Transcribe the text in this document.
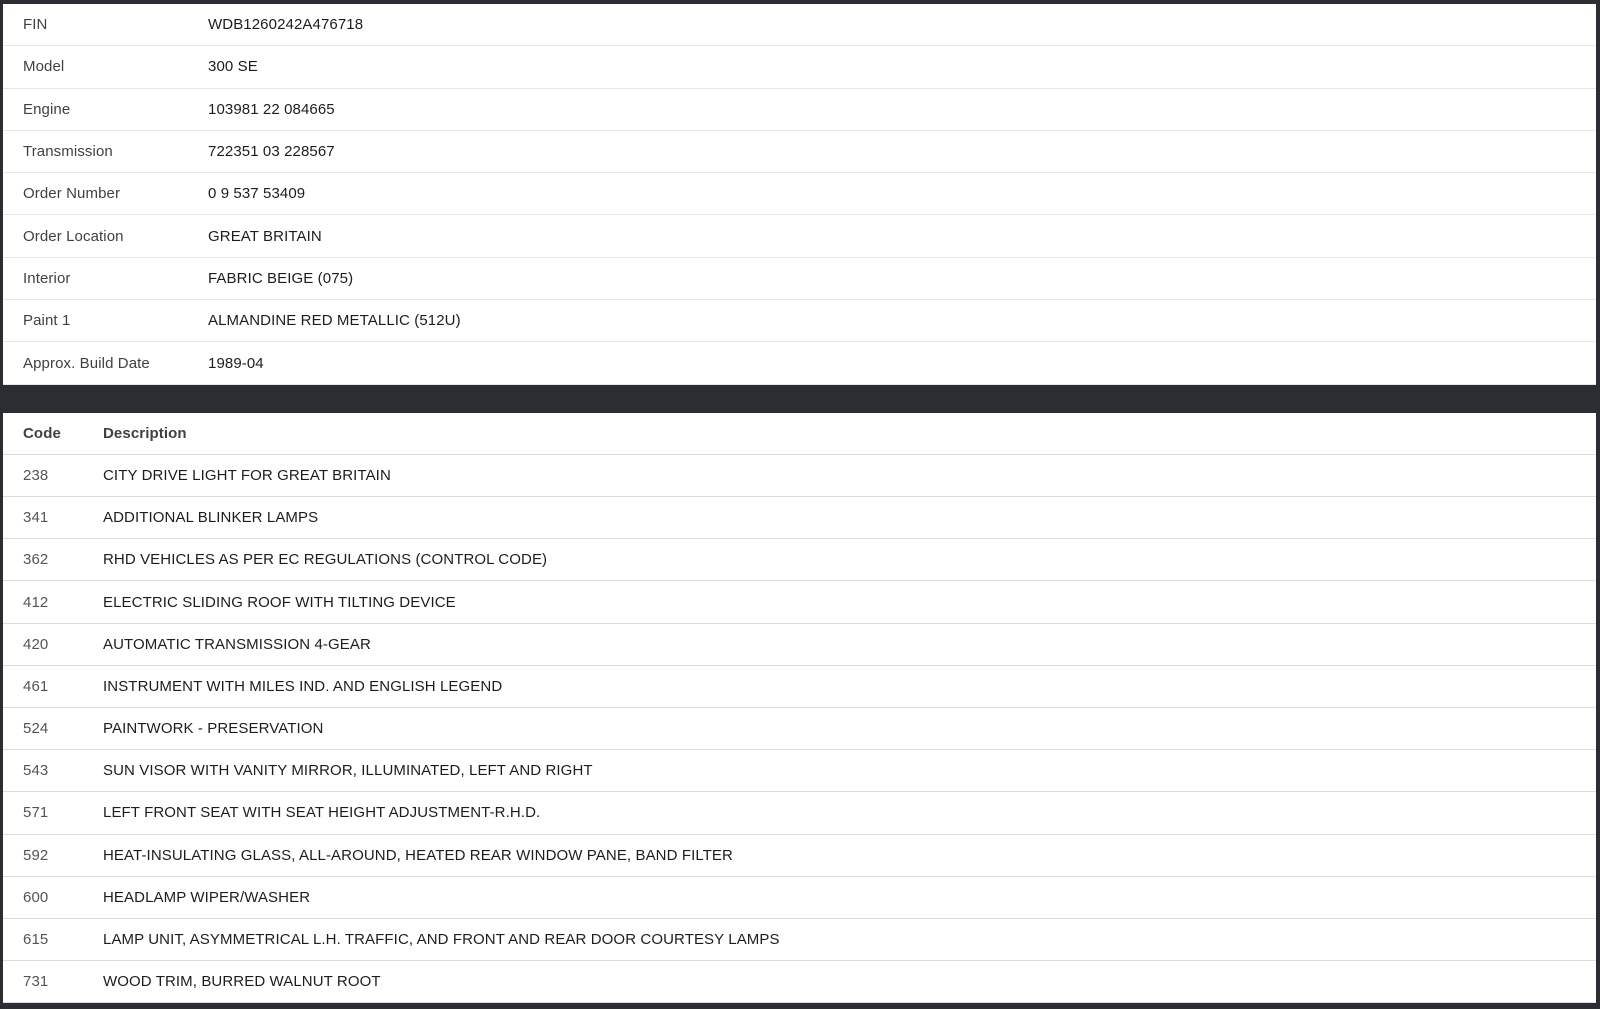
FIN	WDB1260242A476718
Model	300 SE
Engine	103981 22 084665
Transmission	722351 03 228567
Order Number	0 9 537 53409
Order Location	GREAT BRITAIN
Interior	FABRIC BEIGE (075)
Paint 1	ALMANDINE RED METALLIC (512U)
Approx. Build Date	1989-04
Code	Description
238	CITY DRIVE LIGHT FOR GREAT BRITAIN
341	ADDITIONAL BLINKER LAMPS
362	RHD VEHICLES AS PER EC REGULATIONS (CONTROL CODE)
412	ELECTRIC SLIDING ROOF WITH TILTING DEVICE
420	AUTOMATIC TRANSMISSION 4-GEAR
461	INSTRUMENT WITH MILES IND. AND ENGLISH LEGEND
524	PAINTWORK - PRESERVATION
543	SUN VISOR WITH VANITY MIRROR, ILLUMINATED, LEFT AND RIGHT
571	LEFT FRONT SEAT WITH SEAT HEIGHT ADJUSTMENT-R.H.D.
592	HEAT-INSULATING GLASS, ALL-AROUND, HEATED REAR WINDOW PANE, BAND FILTER
600	HEADLAMP WIPER/WASHER
615	LAMP UNIT, ASYMMETRICAL L.H. TRAFFIC, AND FRONT AND REAR DOOR COURTESY LAMPS
731	WOOD TRIM, BURRED WALNUT ROOT
